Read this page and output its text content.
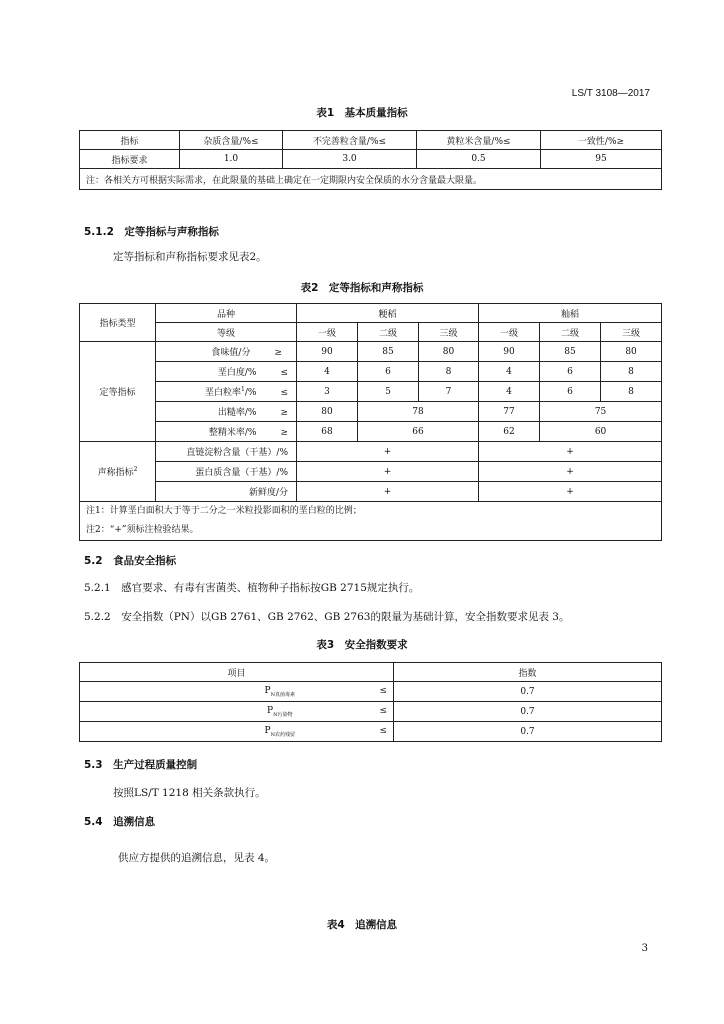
LS/T 3108—2017
表1　基本质量指标
指标	杂质含量/%≤	不完善粒含量/%≤	黄粒米含量/%≤	一致性/%≥
指标要求	1.0	3.0	0.5	95
注：各相关方可根据实际需求，在此限量的基础上确定在一定期限内安全保质的水分含量最大限量。				
5.1.2　定等指标与声称指标
定等指标和声称指标要求见表2。
表2　定等指标和声称指标
指标类型	品种	粳稻			籼稻		
	等级	一级	二级	三级	一级	二级	三级
定等指标	食味值/分 ≥	90	85	80	90	85	80
	垩白度/% ≤	4	6	8	4	6	8
	垩白粒率$^1$/% ≤	3	5	7	4	6	8
	出糙率/% ≥	80	78		77	75	
	整精米率/% ≥	68	66		62	60	
声称指标$^2$	直链淀粉含量（干基）/%	+			+		
	蛋白质含量（干基）/%	+			+		
	新鲜度/分	+			+		

注1：计算垩白面积大于等于二分之一米粒投影面积的垩白粒的比例；
注2：“+”须标注检验结果。							
5.2　食品安全指标
5.2.1　感官要求、有毒有害菌类、植物种子指标按GB 2715规定执行。
5.2.2　安全指数（PN）以GB 2761、GB 2762、GB 2763的限量为基础计算，安全指数要求见表 3。
表3　安全指数要求
项目	指数
$P_{N真菌毒素}$ ≤	0.7
$P_{N污染物}$ ≤	0.7
$P_{N农药残留}$ ≤	0.7
5.3　生产过程质量控制
按照LS/T 1218 相关条款执行。
5.4　追溯信息
供应方提供的追溯信息，见表 4。
表4　追溯信息
3
